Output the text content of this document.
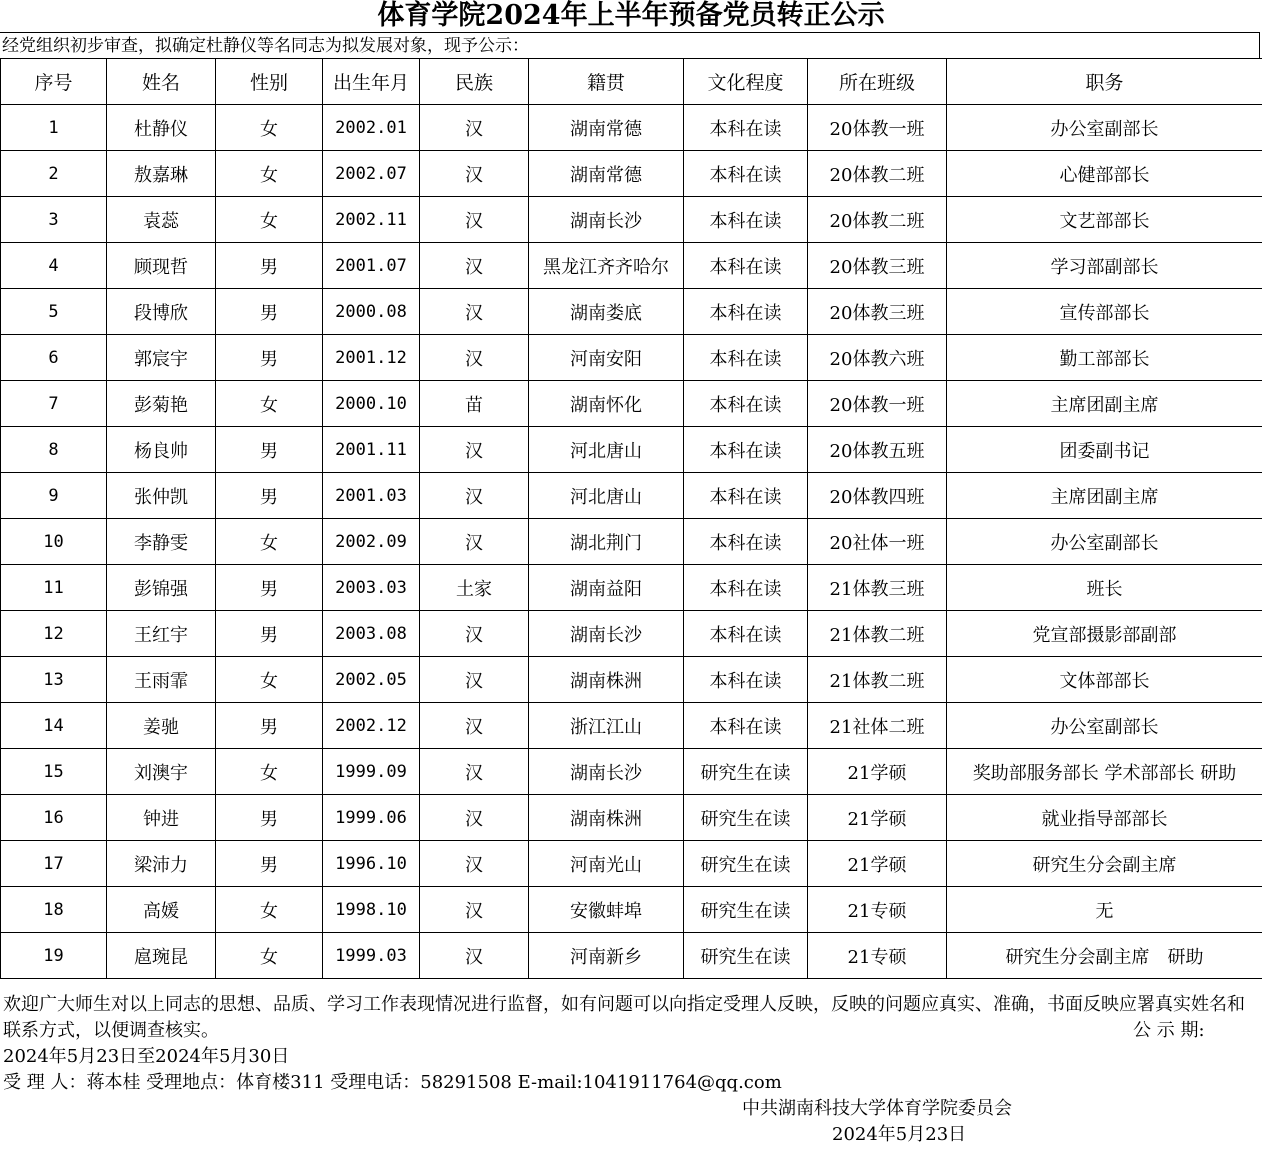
体育学院2024年上半年预备党员转正公示
经党组织初步审查，拟确定杜静仪等名同志为拟发展对象，现予公示：
序号	姓名	性别	出生年月	民族	籍贯	文化程度	所在班级	职务
1	杜静仪	女	2002.01	汉	湖南常德	本科在读	20体教一班	办公室副部长
2	敖嘉琳	女	2002.07	汉	湖南常德	本科在读	20体教二班	心健部部长
3	袁蕊	女	2002.11	汉	湖南长沙	本科在读	20体教二班	文艺部部长
4	顾现哲	男	2001.07	汉	黑龙江齐齐哈尔	本科在读	20体教三班	学习部副部长
5	段博欣	男	2000.08	汉	湖南娄底	本科在读	20体教三班	宣传部部长
6	郭宸宇	男	2001.12	汉	河南安阳	本科在读	20体教六班	勤工部部长
7	彭菊艳	女	2000.10	苗	湖南怀化	本科在读	20体教一班	主席团副主席
8	杨良帅	男	2001.11	汉	河北唐山	本科在读	20体教五班	团委副书记
9	张仲凯	男	2001.03	汉	河北唐山	本科在读	20体教四班	主席团副主席
10	李静雯	女	2002.09	汉	湖北荆门	本科在读	20社体一班	办公室副部长
11	彭锦强	男	2003.03	土家	湖南益阳	本科在读	21体教三班	班长
12	王红宇	男	2003.08	汉	湖南长沙	本科在读	21体教二班	党宣部摄影部副部
13	王雨霏	女	2002.05	汉	湖南株洲	本科在读	21体教二班	文体部部长
14	姜驰	男	2002.12	汉	浙江江山	本科在读	21社体二班	办公室副部长
15	刘澳宇	女	1999.09	汉	湖南长沙	研究生在读	21学硕	奖助部服务部长 学术部部长 研助
16	钟进	男	1999.06	汉	湖南株洲	研究生在读	21学硕	就业指导部部长
17	梁沛力	男	1996.10	汉	河南光山	研究生在读	21学硕	研究生分会副主席
18	高媛	女	1998.10	汉	安徽蚌埠	研究生在读	21专硕	无
19	扈琬昆	女	1999.03	汉	河南新乡	研究生在读	21专硕	研究生分会副主席　研助
欢迎广大师生对以上同志的思想、品质、学习工作表现情况进行监督，如有问题可以向指定受理人反映，反映的问题应真实、准确，书面反映应署真实姓名和联系方式，以便调查核实。	公 示 期:
2024年5月23日至2024年5月30日
受 理 人：蒋本桂 受理地点：体育楼311 受理电话：58291508 E-mail:1041911764@qq.com
中共湖南科技大学体育学院委员会
2024年5月23日
